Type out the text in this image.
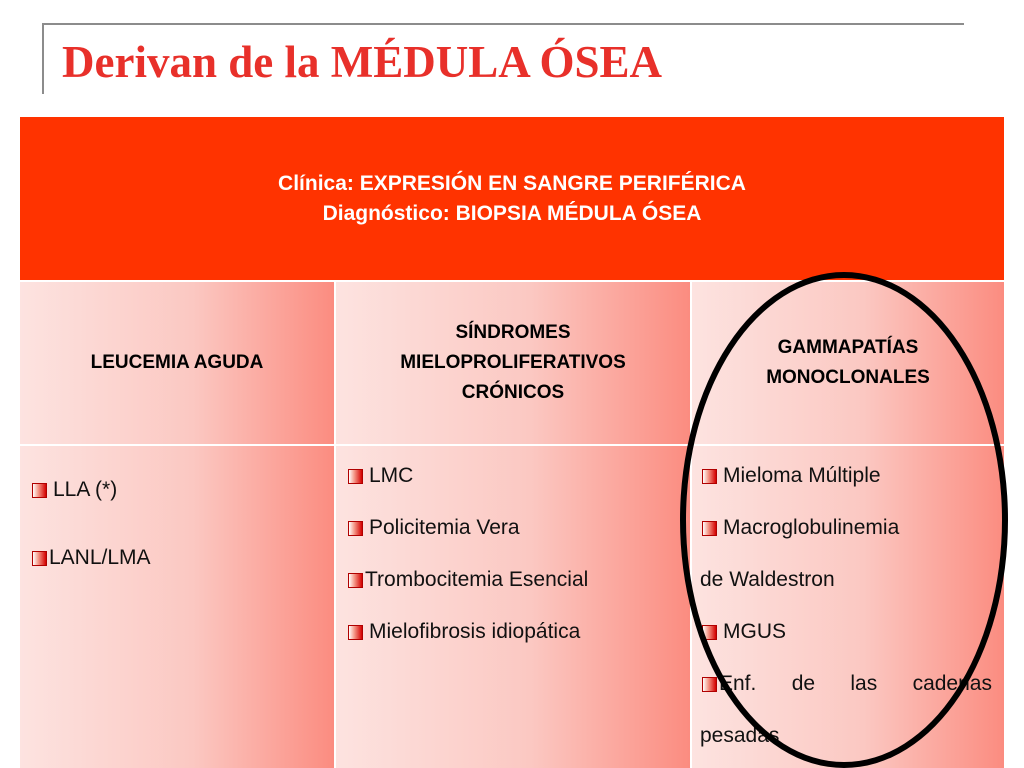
Derivan de la MÉDULA ÓSEA
Clínica: EXPRESIÓN EN SANGRE PERIFÉRICA
Diagnóstico: BIOPSIA MÉDULA ÓSEA
LEUCEMIA AGUDA
SÍNDROMES
MIELOPROLIFERATIVOS
CRÓNICOS
GAMMAPATÍAS
MONOCLONALES
LLA (*)
LANL/LMA
LMC
Policitemia Vera
Trombocitemia Esencial
Mielofibrosis idiopática
Mieloma Múltiple
Macroglobulinemia
de Waldestron
MGUS
Enf. de las cadenas
pesadas
